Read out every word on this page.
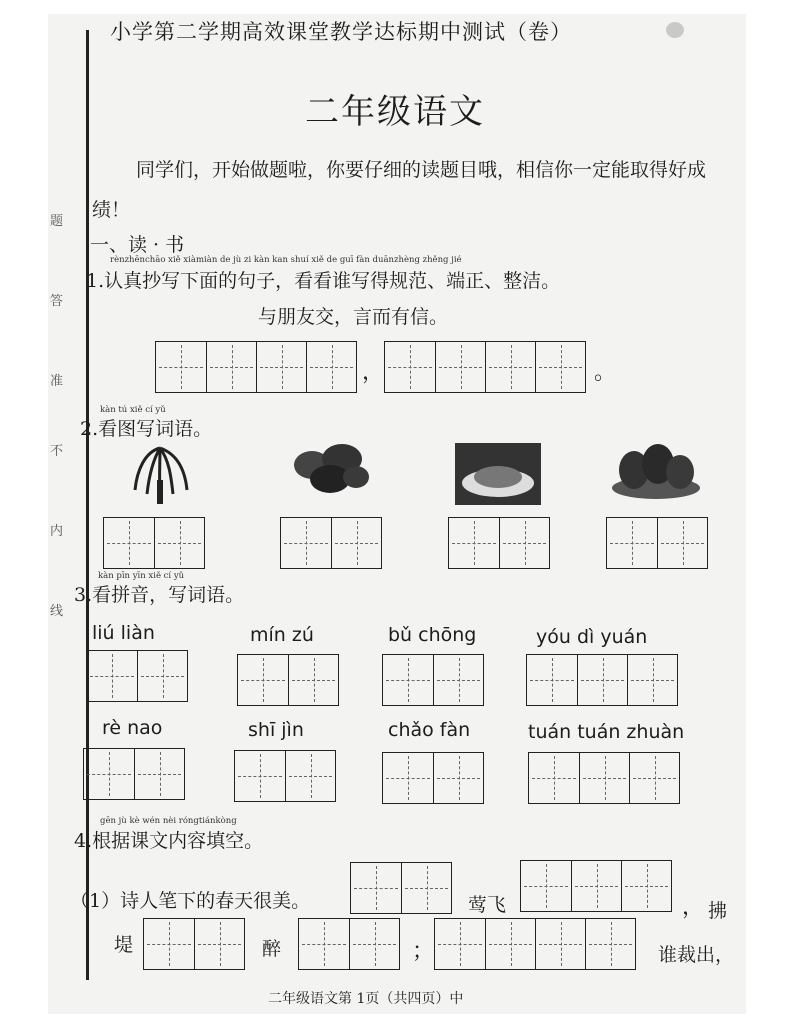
题
答
准
不
内
线
小学第二学期高效课堂教学达标期中测试（卷）
二年级语文
同学们，开始做题啦，你要仔细的读题目哦，相信你一定能取得好成绩！
一、读 · 书
rènzhēnchāo xiě xiàmiàn de jù zi kàn kan shuí xiě de guī fàn duānzhèng zhěng jié
1.认真抄写下面的句子，看看谁写得规范、端正、整洁。
与朋友交，言而有信。
，	。
kàn tú xiě cí yǔ
2.看图写词语。
kàn pīn yīn xiě cí yǔ
3.看拼音，写词语。
liú liàn	mín zú	bǔ chōng	yóu dì yuán
rè nao	shī jìn	chǎo fàn	tuán tuán zhuàn
gēn jù kè wén nèi róngtiánkòng
4.根据课文内容填空。
（1）诗人笔下的春天很美。	莺飞	， 拂
堤	醉	；	谁裁出，
二年级语文第 1页（共四页）中
